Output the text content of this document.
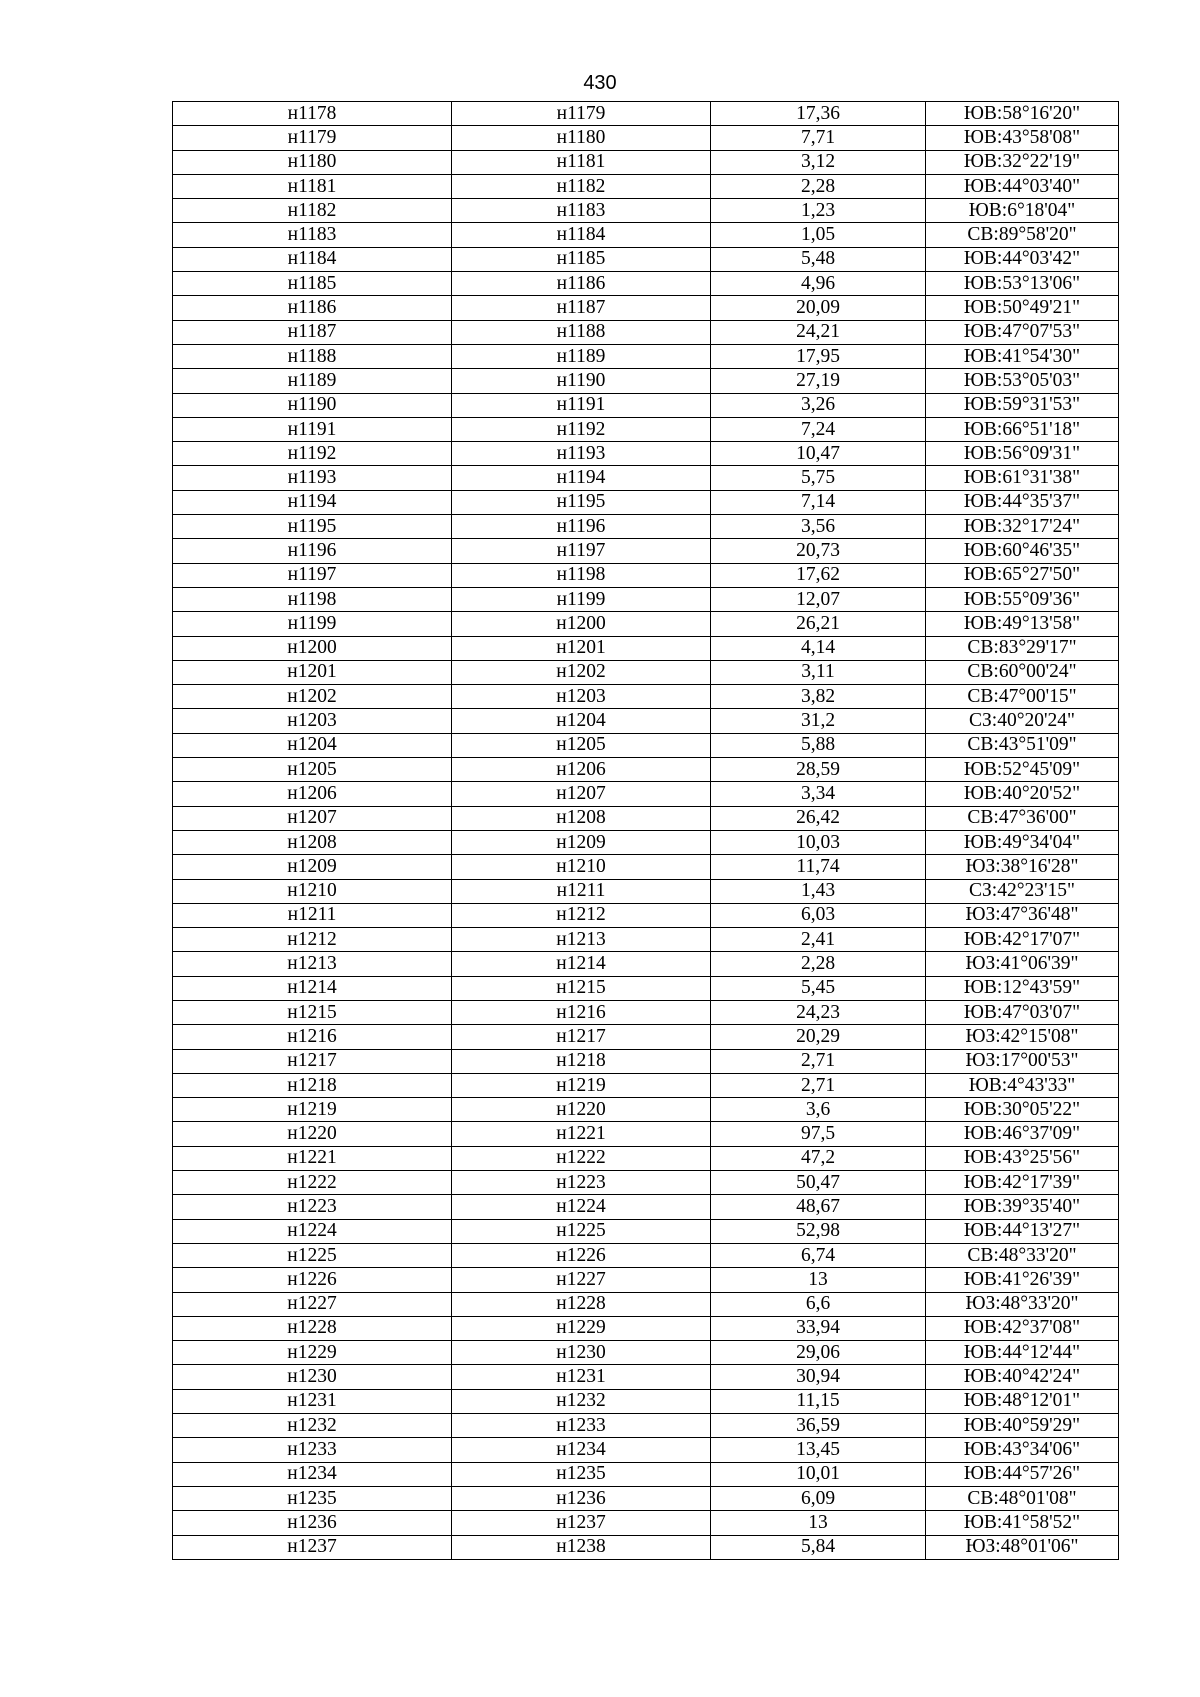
430
н1178	н1179	17,36	ЮВ:58°16'20"
н1179	н1180	7,71	ЮВ:43°58'08"
н1180	н1181	3,12	ЮВ:32°22'19"
н1181	н1182	2,28	ЮВ:44°03'40"
н1182	н1183	1,23	ЮВ:6°18'04"
н1183	н1184	1,05	СВ:89°58'20"
н1184	н1185	5,48	ЮВ:44°03'42"
н1185	н1186	4,96	ЮВ:53°13'06"
н1186	н1187	20,09	ЮВ:50°49'21"
н1187	н1188	24,21	ЮВ:47°07'53"
н1188	н1189	17,95	ЮВ:41°54'30"
н1189	н1190	27,19	ЮВ:53°05'03"
н1190	н1191	3,26	ЮВ:59°31'53"
н1191	н1192	7,24	ЮВ:66°51'18"
н1192	н1193	10,47	ЮВ:56°09'31"
н1193	н1194	5,75	ЮВ:61°31'38"
н1194	н1195	7,14	ЮВ:44°35'37"
н1195	н1196	3,56	ЮВ:32°17'24"
н1196	н1197	20,73	ЮВ:60°46'35"
н1197	н1198	17,62	ЮВ:65°27'50"
н1198	н1199	12,07	ЮВ:55°09'36"
н1199	н1200	26,21	ЮВ:49°13'58"
н1200	н1201	4,14	СВ:83°29'17"
н1201	н1202	3,11	СВ:60°00'24"
н1202	н1203	3,82	СВ:47°00'15"
н1203	н1204	31,2	СЗ:40°20'24"
н1204	н1205	5,88	СВ:43°51'09"
н1205	н1206	28,59	ЮВ:52°45'09"
н1206	н1207	3,34	ЮВ:40°20'52"
н1207	н1208	26,42	СВ:47°36'00"
н1208	н1209	10,03	ЮВ:49°34'04"
н1209	н1210	11,74	ЮЗ:38°16'28"
н1210	н1211	1,43	СЗ:42°23'15"
н1211	н1212	6,03	ЮЗ:47°36'48"
н1212	н1213	2,41	ЮВ:42°17'07"
н1213	н1214	2,28	ЮЗ:41°06'39"
н1214	н1215	5,45	ЮВ:12°43'59"
н1215	н1216	24,23	ЮВ:47°03'07"
н1216	н1217	20,29	ЮЗ:42°15'08"
н1217	н1218	2,71	ЮЗ:17°00'53"
н1218	н1219	2,71	ЮВ:4°43'33"
н1219	н1220	3,6	ЮВ:30°05'22"
н1220	н1221	97,5	ЮВ:46°37'09"
н1221	н1222	47,2	ЮВ:43°25'56"
н1222	н1223	50,47	ЮВ:42°17'39"
н1223	н1224	48,67	ЮВ:39°35'40"
н1224	н1225	52,98	ЮВ:44°13'27"
н1225	н1226	6,74	СВ:48°33'20"
н1226	н1227	13	ЮВ:41°26'39"
н1227	н1228	6,6	ЮЗ:48°33'20"
н1228	н1229	33,94	ЮВ:42°37'08"
н1229	н1230	29,06	ЮВ:44°12'44"
н1230	н1231	30,94	ЮВ:40°42'24"
н1231	н1232	11,15	ЮВ:48°12'01"
н1232	н1233	36,59	ЮВ:40°59'29"
н1233	н1234	13,45	ЮВ:43°34'06"
н1234	н1235	10,01	ЮВ:44°57'26"
н1235	н1236	6,09	СВ:48°01'08"
н1236	н1237	13	ЮВ:41°58'52"
н1237	н1238	5,84	ЮЗ:48°01'06"
